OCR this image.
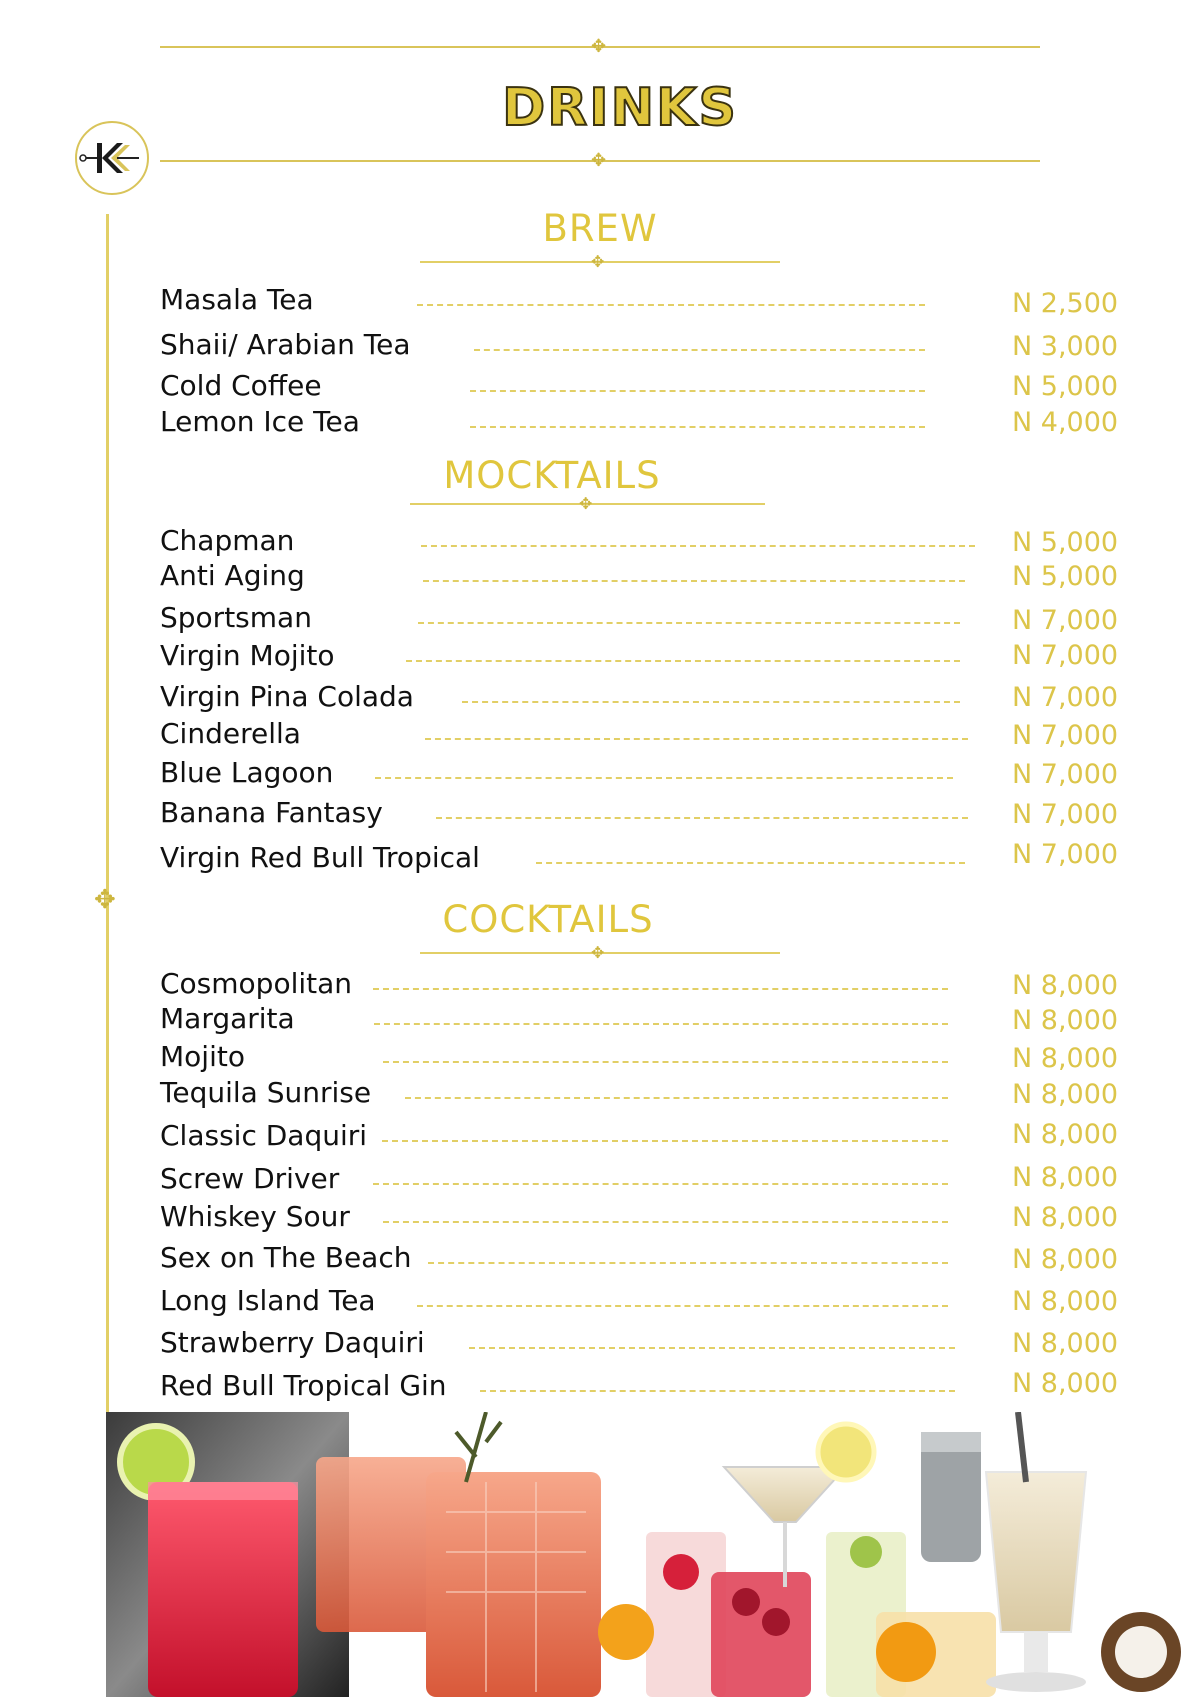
✥
DRINKS
✥
✥
BREW
✥
MOCKTAILS
✥
COCKTAILS
✥
Masala Tea	N 2,500
Shaii/ Arabian Tea	N 3,000
Cold Coffee	N 5,000
Lemon Ice Tea	N 4,000
Chapman	N 5,000
Anti Aging	N 5,000
Sportsman	N 7,000
Virgin Mojito	N 7,000
Virgin Pina Colada	N 7,000
Cinderella	N 7,000
Blue Lagoon	N 7,000
Banana Fantasy	N 7,000
Virgin Red Bull Tropical	N 7,000
Cosmopolitan	N 8,000
Margarita	N 8,000
Mojito	N 8,000
Tequila Sunrise	N 8,000
Classic Daquiri	N 8,000
Screw Driver	N 8,000
Whiskey Sour	N 8,000
Sex on The Beach	N 8,000
Long Island Tea	N 8,000
Strawberry Daquiri	N 8,000
Red Bull Tropical Gin	N 8,000
